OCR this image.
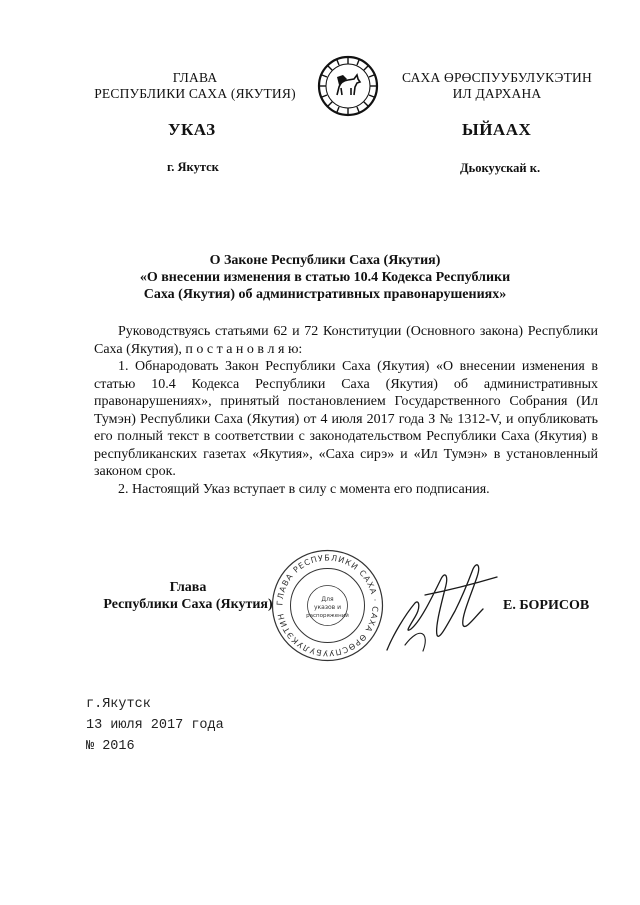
ГЛАВА
РЕСПУБЛИКИ САХА (ЯКУТИЯ)
САХА ӨРӨСПУУБУЛУКЭТИН
ИЛ ДАРХАНА
УКАЗ	ЫЙААХ
г. Якутск	Дьокуускай к.
О Законе Республики Саха (Якутия)
«О внесении изменения в статью 10.4 Кодекса Республики
Саха (Якутия) об административных правонарушениях»

Руководствуясь статьями 62 и 72 Конституции (Основного закона) Республики Саха (Якутия), п о с т а н о в л я ю:

1. Обнародовать Закон Республики Саха (Якутия) «О внесении изменения в статью 10.4 Кодекса Республики Саха (Якутия) об административных правонарушениях», принятый постановлением Государственного Собрания (Ил Тумэн) Республики Саха (Якутия) от 4 июля 2017 года З № 1312-V, и опубликовать его полный текст в соответствии с законодательством Республики Саха (Якутия) в республиканских газетах «Якутия», «Саха сирэ» и «Ил Тумэн» в установленный законом срок.

2. Настоящий Указ вступает в силу с момента его подписания.

Глава
Республики Саха (Якутия) ГЛАВА РЕСПУБЛИКИ САХА · САХА ӨРӨСПУУБУЛУКЭТИН
Для
указов и
распоряжений
Е. БОРИСОВ
г.Якутск
13 июля 2017 года
№ 2016
